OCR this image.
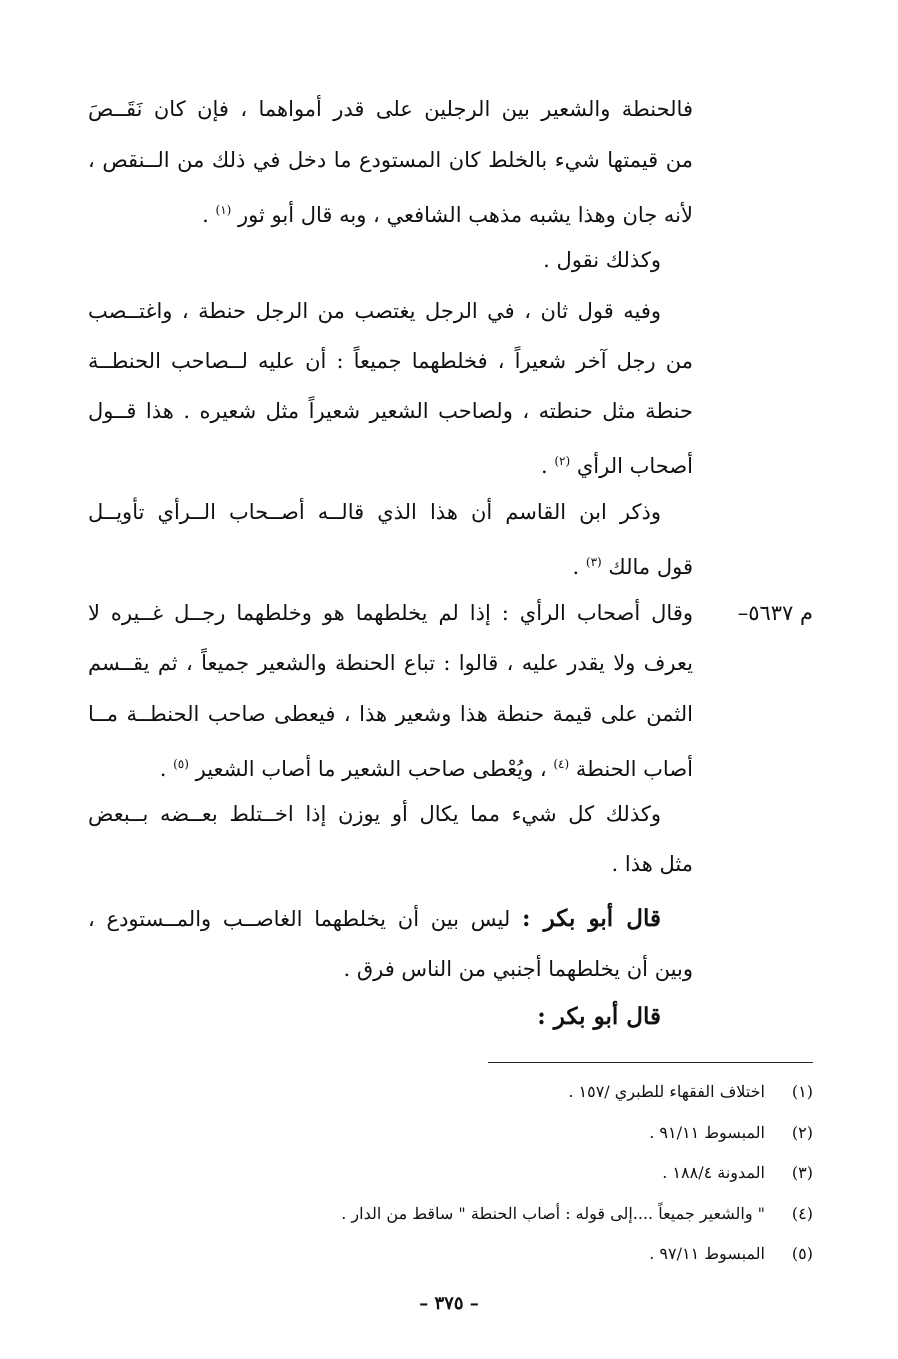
فالحنطة والشعير بين الرجلين على قدر أمواهما ، فإن كان نَقَــصَ
من قيمتها شيء بالخلط كان المستودع ما دخل في ذلك من الــنقص ،
لأنه جان وهذا يشبه مذهب الشافعي ، وبه قال أبو ثور $^{(١)}$ .
وكذلك نقول .
وفيه قول ثان ، في الرجل يغتصب من الرجل حنطة ، واغتــصب
من رجل آخر شعيراً ، فخلطهما جميعاً : أن عليه لــصاحب الحنطــة
حنطة مثل حنطته ، ولصاحب الشعير شعيراً مثل شعيره . هذا قــول
أصحاب الرأي $^{(٢)}$ .
وذكر ابن القاسم أن هذا الذي قالــه أصــحاب الــرأي تأويــل
قول مالك $^{(٣)}$ .
م ٥٦٣٧–
وقال أصحاب الرأي : إذا لم يخلطهما هو وخلطهما رجــل غــيره لا
يعرف ولا يقدر عليه ، قالوا : تباع الحنطة والشعير جميعاً ، ثم يقــسم
الثمن على قيمة حنطة هذا وشعير هذا ، فيعطى صاحب الحنطــة مــا
أصاب الحنطة $^{(٤)}$ ، ويُعْطى صاحب الشعير ما أصاب الشعير $^{(٥)}$ .
وكذلك كل شيء مما يكال أو يوزن إذا اخــتلط بعــضه بــبعض
مثل هذا .
قال أبو بكر : ليس بين أن يخلطهما الغاصــب والمــستودع ،
وبين أن يخلطهما أجنبي من الناس فرق .
قال أبو بكر :
(١)اختلاف الفقهاء للطبري /١٥٧ .
(٢)المبسوط ٩١/١١ .
(٣)المدونة ١٨٨/٤ .
(٤)" والشعير جميعاً ....إلى قوله : أصاب الحنطة " ساقط من الدار .
(٥)المبسوط ٩٧/١١ .
– ٣٧٥ –
